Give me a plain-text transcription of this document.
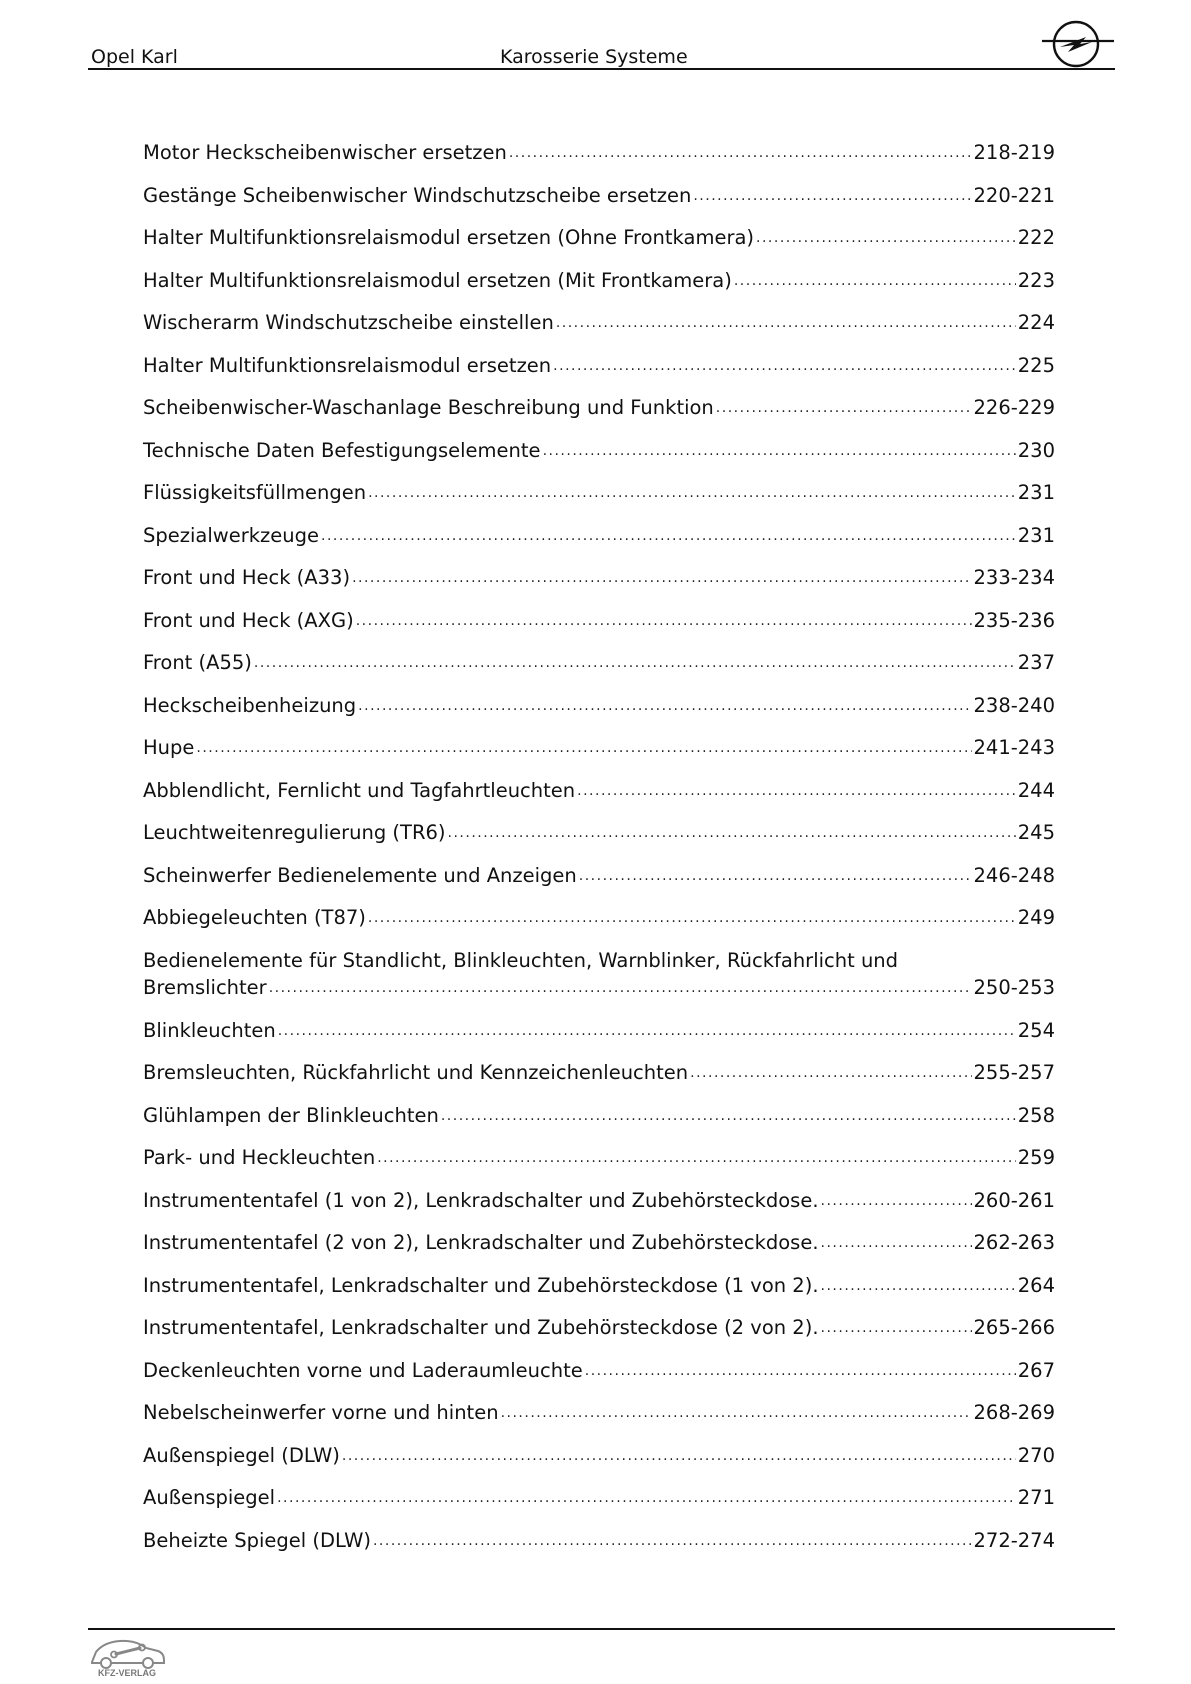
Opel Karl	Karosserie Systeme
Motor Heckscheibenwischer ersetzen .....	218-219
Gestänge Scheibenwischer Windschutzscheibe ersetzen .....	220-221
Halter Multifunktionsrelaismodul ersetzen (Ohne Frontkamera) .....	222
Halter Multifunktionsrelaismodul ersetzen (Mit Frontkamera) .....	223
Wischerarm Windschutzscheibe einstellen .....	224
Halter Multifunktionsrelaismodul ersetzen .....	225
Scheibenwischer-Waschanlage Beschreibung und Funktion .....	226-229
Technische Daten Befestigungselemente .....	230
Flüssigkeitsfüllmengen .....	231
Spezialwerkzeuge .....	231
Front und Heck (A33) .....	233-234
Front und Heck (AXG) .....	235-236
Front (A55) .....	237
Heckscheibenheizung .....	238-240
Hupe .....	241-243
Abblendlicht, Fernlicht und Tagfahrtleuchten .....	244
Leuchtweitenregulierung (TR6) .....	245
Scheinwerfer Bedienelemente und Anzeigen .....	246-248
Abbiegeleuchten (T87) .....	249
Bedienelemente für Standlicht, Blinkleuchten, Warnblinker, Rückfahrlicht und
Bremslichter .....	250-253
Blinkleuchten .....	254
Bremsleuchten, Rückfahrlicht und Kennzeichenleuchten .....	255-257
Glühlampen der Blinkleuchten .....	258
Park- und Heckleuchten .....	259
Instrumententafel (1 von 2), Lenkradschalter und Zubehörsteckdose. .....	260-261
Instrumententafel (2 von 2), Lenkradschalter und Zubehörsteckdose. .....	262-263
Instrumententafel, Lenkradschalter und Zubehörsteckdose (1 von 2). .....	264
Instrumententafel, Lenkradschalter und Zubehörsteckdose (2 von 2). .....	265-266
Deckenleuchten vorne und Laderaumleuchte .....	267
Nebelscheinwerfer vorne und hinten .....	268-269
Außenspiegel (DLW) .....	270
Außenspiegel .....	271
Beheizte Spiegel (DLW) .....	272-274
KFZ-VERLAG
